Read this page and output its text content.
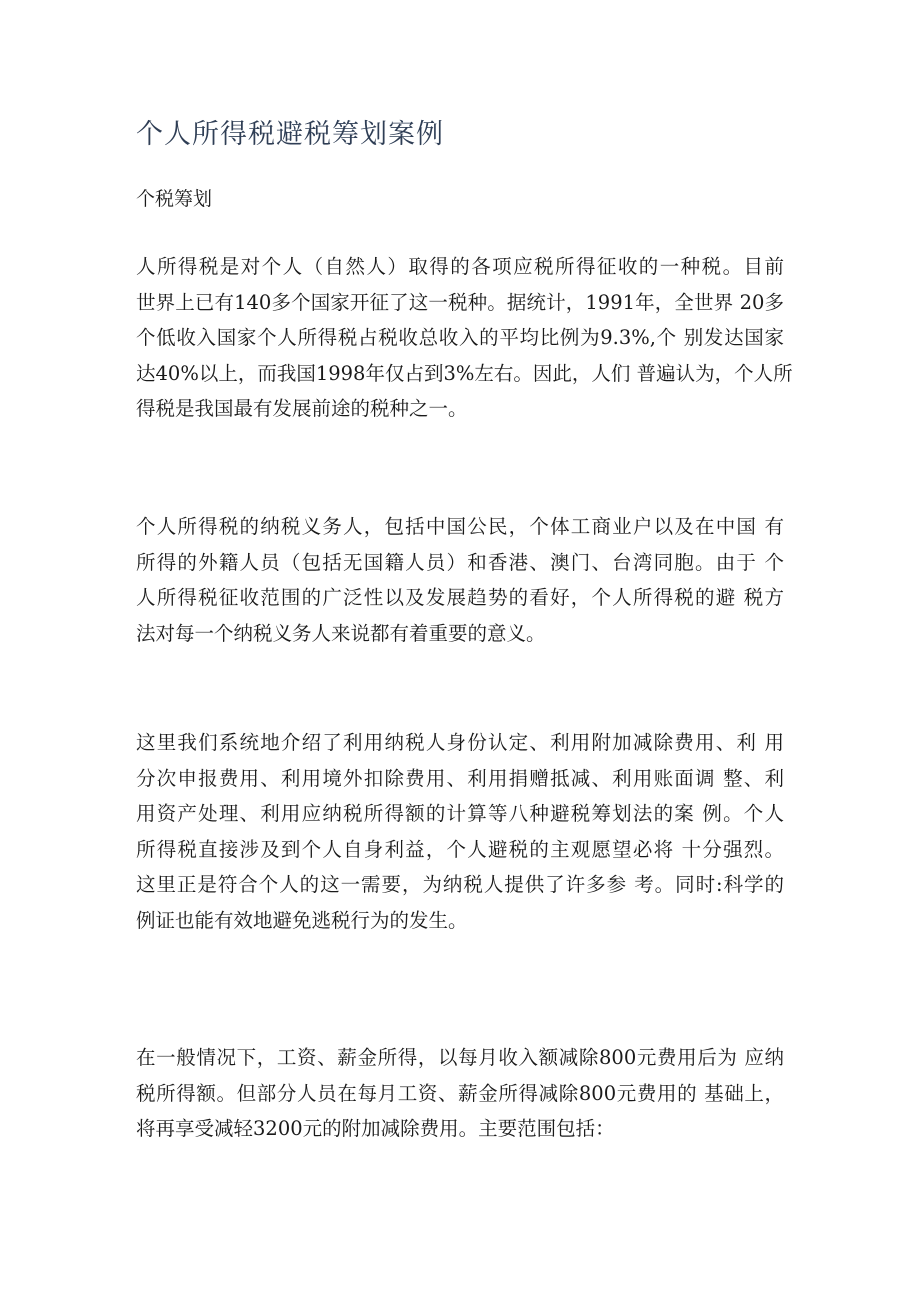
个人所得税避税筹划案例
个税筹划
人所得税是对个人（自然人）取得的各项应税所得征收的一种税。目前
世界上已有140多个国家开征了这一税种。据统计，1991年，全世界 20多
个低收入国家个人所得税占税收总收入的平均比例为9.3%,个 别发达国家
达40%以上，而我国1998年仅占到3%左右。因此，人们 普遍认为，个人所
得税是我国最有发展前途的税种之一。
个人所得税的纳税义务人，包括中国公民，个体工商业户以及在中国 有
所得的外籍人员（包括无国籍人员）和香港、澳门、台湾同胞。由于 个
人所得税征收范围的广泛性以及发展趋势的看好，个人所得税的避 税方
法对每一个纳税义务人来说都有着重要的意义。
这里我们系统地介绍了利用纳税人身份认定、利用附加减除费用、利 用
分次申报费用、利用境外扣除费用、利用捐赠抵减、利用账面调 整、利
用资产处理、利用应纳税所得额的计算等八种避税筹划法的案 例。个人
所得税直接涉及到个人自身利益，个人避税的主观愿望必将 十分强烈。
这里正是符合个人的这一需要，为纳税人提供了许多参 考。同时:科学的
例证也能有效地避免逃税行为的发生。
在一般情况下，工资、薪金所得，以每月收入额减除800元费用后为 应纳
税所得额。但部分人员在每月工资、薪金所得减除800元费用的 基础上，
将再享受减轻3200元的附加减除费用。主要范围包括：
